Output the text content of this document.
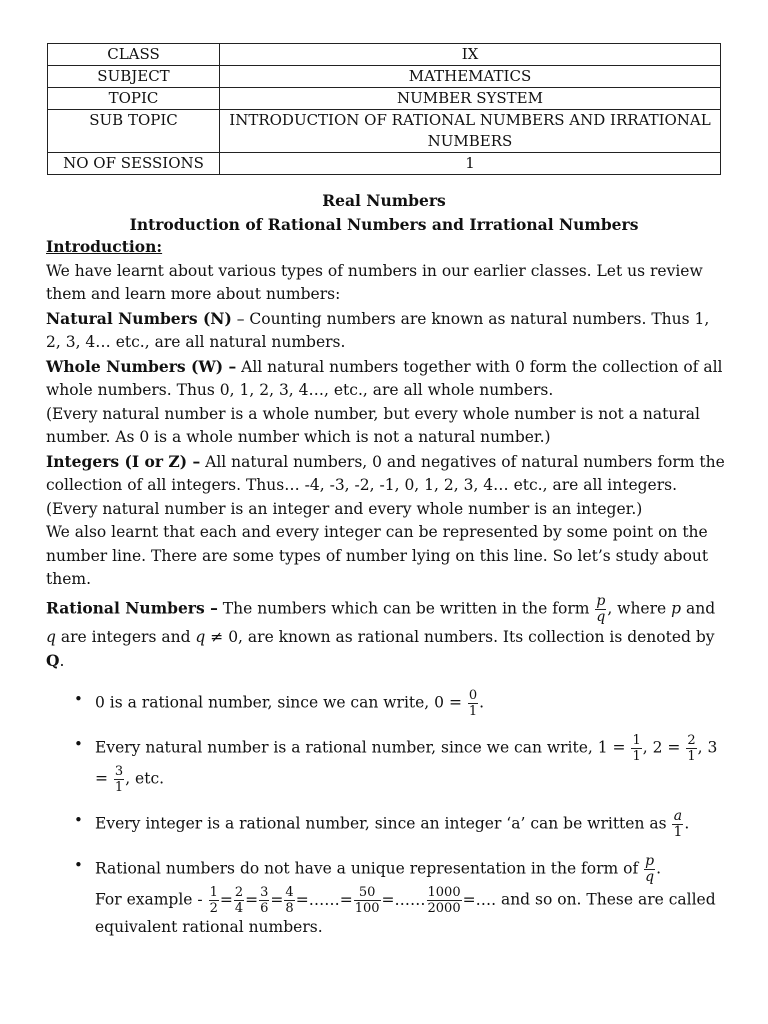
CLASS	IX
SUBJECT	MATHEMATICS
TOPIC	NUMBER SYSTEM
SUB TOPIC	INTRODUCTION OF RATIONAL NUMBERS AND IRRATIONAL NUMBERS
NO OF SESSIONS	1
Real Numbers
Introduction of Rational Numbers and Irrational Numbers

Introduction:

We have learnt about various types of numbers in our earlier classes. Let us review them and learn more about numbers:

Natural Numbers (N) – Counting numbers are known as natural numbers. Thus 1, 2, 3, 4… etc., are all natural numbers.

Whole Numbers (W) – All natural numbers together with 0 form the collection of all whole numbers. Thus 0, 1, 2, 3, 4…, etc., are all whole numbers.

(Every natural number is a whole number, but every whole number is not a natural number. As 0 is a whole number which is not a natural number.)

Integers (I or Z) – All natural numbers, 0 and negatives of natural numbers form the collection of all integers. Thus… -4, -3, -2, -1, 0, 1, 2, 3, 4… etc., are all integers.

(Every natural number is an integer and every whole number is an integer.)

We also learnt that each and every integer can be represented by some point on the number line. There are some types of number lying on this line. So let’s study about them.

Rational Numbers – The numbers which can be written in the form $\frac{p}{q}$ , where p and q are integers and q ≠ 0, are known as rational numbers. Its collection is denoted by Q.

• 0 is a rational number, since we can write, $0 = \frac{0}{1}$ .
• Every natural number is a rational number, since we can write, $1 = \frac{1}{1}$ , $2 = \frac{2}{1}$ , 3
= $\frac{3}{1}$ , etc.
• Every integer is a rational number, since an integer ‘a’ can be written as $\frac{a}{1}$ .
• Rational numbers do not have a unique representation in the form of $\frac{p}{q}$ .
For example - $\frac{1}{2} = \frac{2}{4} = \frac{3}{6} = \frac{4}{8}$ =……= $\frac{50}{100}$ =…… $\frac{1000}{2000}$ =…. and so on. These are called equivalent rational numbers.
